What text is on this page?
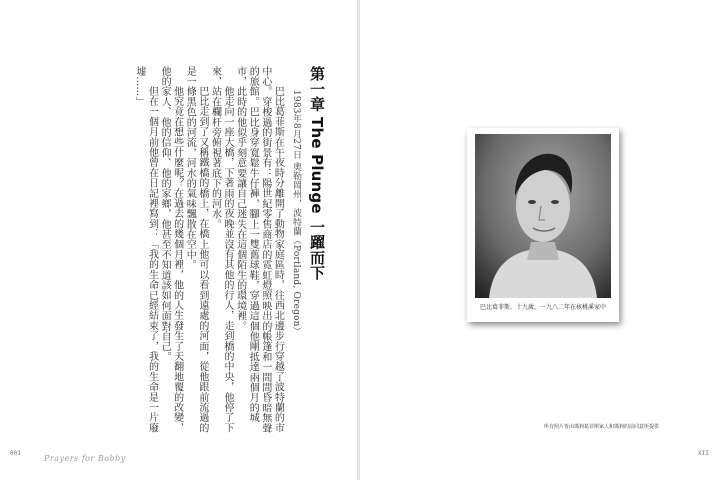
第一章 The Plunge 一躍而下
1983年8月27日 奧勒岡州，波特蘭（Portland, Oregon）
巴比葛菲斯在午夜時分離開了動物家庭區時，往西北邊步行穿越了波特蘭的市中心。穿梭過的街景有：陽世紀零售商店的霓虹燈照映出的帳篷和一間間昏暗無聲的旅館。巴比身穿寬鬆牛仔褲，腳上一雙舊球鞋，穿過這個他剛抵達兩個月的城市，此時的他似乎刻意要讓自己迷失在這個陌生的環境裡。
他走向一座大橋，下著雨的夜晚並沒有其他的行人，走到橋的中央，他停了下來，站在欄杆旁俯視著底下的河水。
巴比走到了又稱鐵橋的橋上，在橋上他可以看到遠處的河面，從他跟前流過的是一條黑色的河流，河水的氣味飄散在空中。
他究竟在想些什麼呢？在過去的幾個月裡，他的人生發生了天翻地覆的改變，他的家人、他的信仰、他的家鄉，他甚至不知道該如何面對自己。
但在一個月前他曾在日記裡寫到：「我的生命已經結束了，我的生命是一片廢墟……」
001
Prayers for Bobby
巴比葛菲斯，十九歲，一九八二年在核桃溪家中
所有照片皆由瑪莉葛菲斯家人和瑪莉的前同意所提供
XII
